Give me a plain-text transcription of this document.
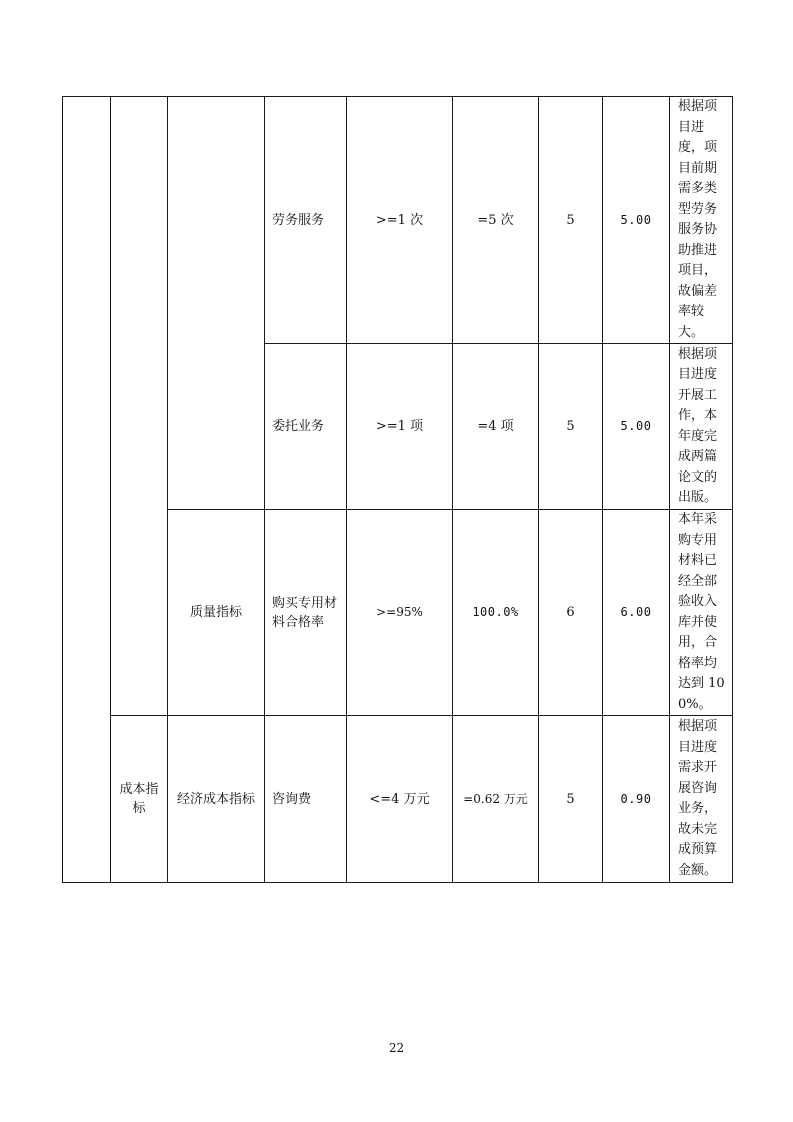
			劳务服务	>=1 次	=5 次	5	5.00	根据项目进度，项目前期需多类型劳务服务协助推进项目，故偏差率较大。
			委托业务	>=1 项	=4 项	5	5.00	根据项目进度开展工作，本年度完成两篇论文的出版。
		质量指标	购买专用材料合格率	>=95%	100.0%	6	6.00	本年采购专用材料已经全部验收入库并使用，合格率均达到 100%。
	成本指标	经济成本指标	咨询费	<=4 万元	=0.62 万元	5	0.90	根据项目进度需求开展咨询业务，故未完成预算金额。
22
